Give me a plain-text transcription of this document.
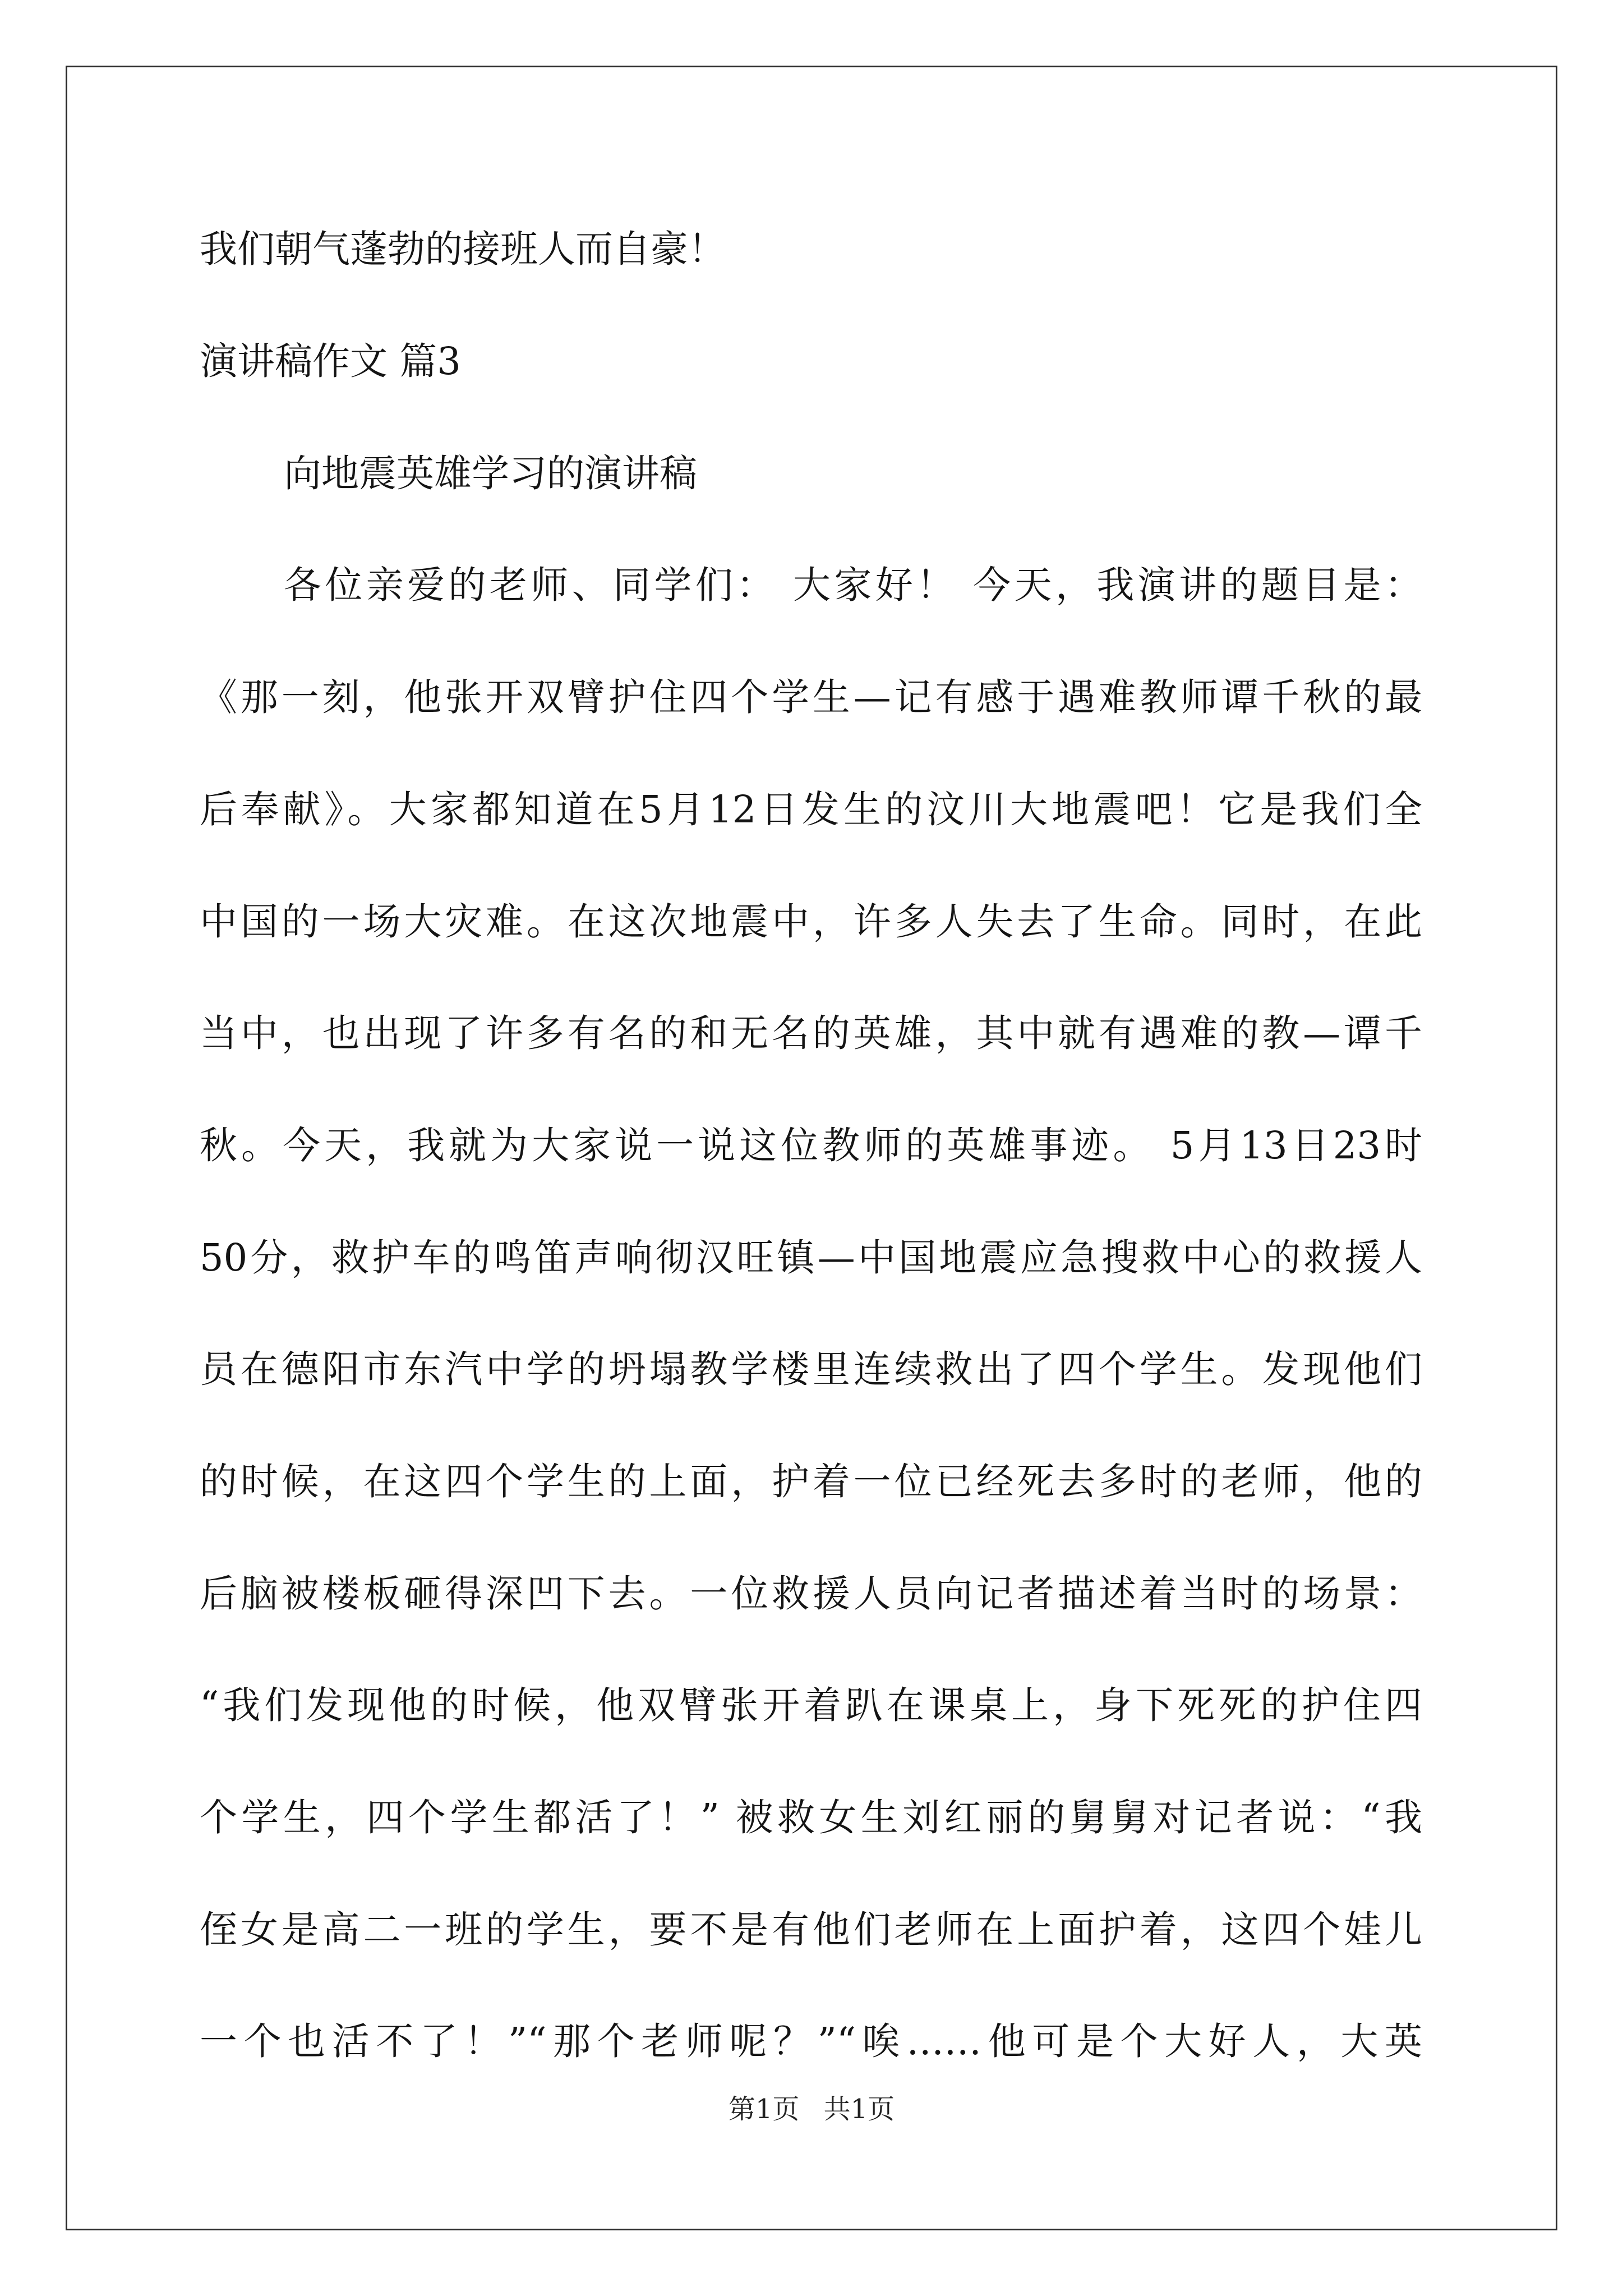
我们朝气蓬勃的接班人而自豪！

演讲稿作文 篇3

向地震英雄学习的演讲稿

各位亲爱的老师、同学们： 大家好！ 今天，我演讲的题目是：

《那一刻，他张开双臂护住四个学生—记有感于遇难教师谭千秋的最

后奉献》。大家都知道在5月12日发生的汶川大地震吧！它是我们全

中国的一场大灾难。在这次地震中，许多人失去了生命。同时，在此

当中，也出现了许多有名的和无名的英雄，其中就有遇难的教—谭千

秋。今天，我就为大家说一说这位教师的英雄事迹。 5月13日23时

50分，救护车的鸣笛声响彻汉旺镇—中国地震应急搜救中心的救援人

员在德阳市东汽中学的坍塌教学楼里连续救出了四个学生。发现他们

的时候，在这四个学生的上面，护着一位已经死去多时的老师，他的

后脑被楼板砸得深凹下去。一位救援人员向记者描述着当时的场景：

“我们发现他的时候，他双臂张开着趴在课桌上，身下死死的护住四

个学生，四个学生都活了！” 被救女生刘红丽的舅舅对记者说：“我

侄女是高二一班的学生，要不是有他们老师在上面护着，这四个娃儿

一个也活不了！”“那个老师呢？”“唉……他可是个大好人，大英

第1页 共1页
